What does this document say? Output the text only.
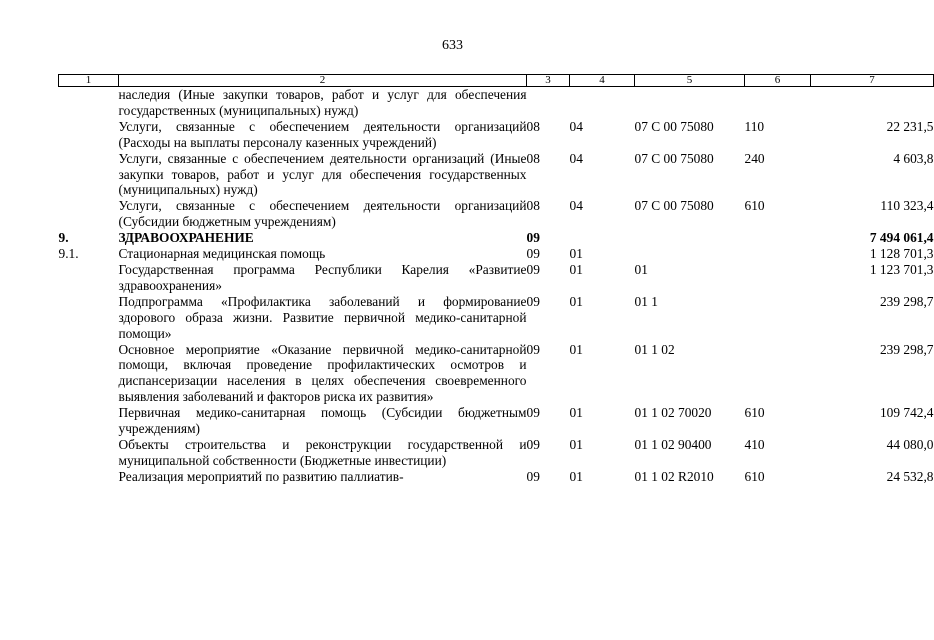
633
1	2	3	4	5	6	7
	наследия (Иные закупки товаров, работ и услуг для обеспечения государственных (муниципальных) нужд)					
	Услуги, связанные с обеспечением деятельности организаций (Расходы на выплаты персоналу казенных учреждений)	08	04	07 С 00 75080	110	22 231,5
	Услуги, связанные с обеспечением деятельности организаций (Иные закупки товаров, работ и услуг для обеспечения государственных (муниципальных) нужд)	08	04	07 С 00 75080	240	4 603,8
	Услуги, связанные с обеспечением деятельности организаций (Субсидии бюджетным учреждениям)	08	04	07 С 00 75080	610	110 323,4
9.	ЗДРАВООХРАНЕНИЕ	09				7 494 061,4
9.1.	Стационарная медицинская помощь	09	01			1 128 701,3
	Государственная программа Республики Карелия «Развитие здравоохранения»	09	01	01		1 123 701,3
	Подпрограмма «Профилактика заболеваний и формирование здорового образа жизни. Развитие первичной медико-санитарной помощи»	09	01	01 1		239 298,7
	Основное мероприятие «Оказание первичной медико-санитарной помощи, включая проведение профилактических осмотров и диспансеризации населения в целях обеспечения своевременного выявления заболеваний и факторов риска их развития»	09	01	01 1 02		239 298,7
	Первичная медико-санитарная помощь (Субсидии бюджетным учреждениям)	09	01	01 1 02 70020	610	109 742,4
	Объекты строительства и реконструкции государственной и муниципальной собственности (Бюджетные инвестиции)	09	01	01 1 02 90400	410	44 080,0
	Реализация мероприятий по развитию паллиатив-	09	01	01 1 02 R2010	610	24 532,8
